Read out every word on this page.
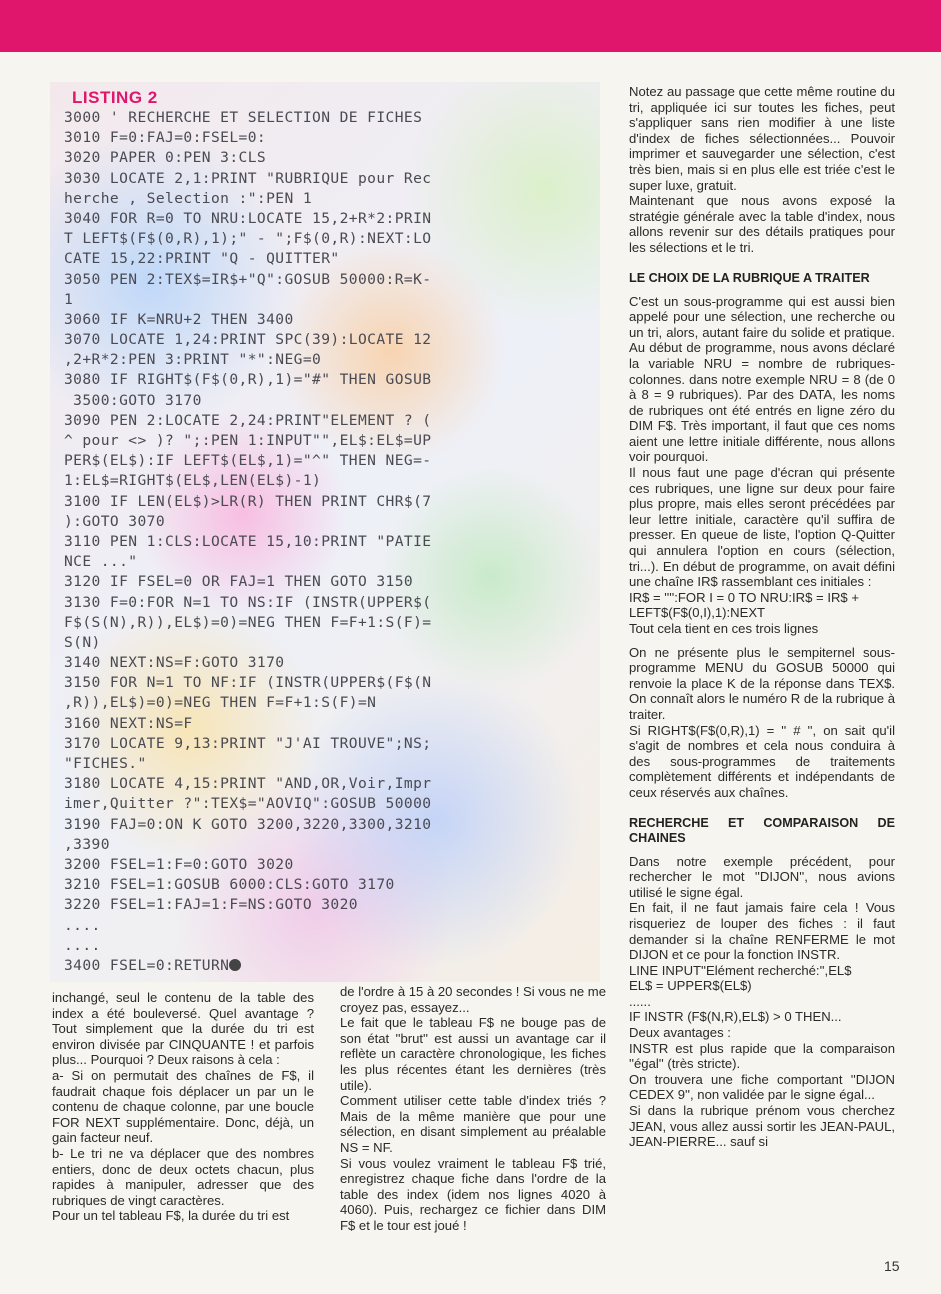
LISTING 2
3000 ' RECHERCHE ET SELECTION DE FICHES
3010 F=0:FAJ=0:FSEL=0:
3020 PAPER 0:PEN 3:CLS
3030 LOCATE 2,1:PRINT "RUBRIQUE pour Rec
herche , Selection :":PEN 1
3040 FOR R=0 TO NRU:LOCATE 15,2+R*2:PRIN
T LEFT$(F$(0,R),1);" - ";F$(0,R):NEXT:LO
CATE 15,22:PRINT "Q - QUITTER"
3050 PEN 2:TEX$=IR$+"Q":GOSUB 50000:R=K-
1
3060 IF K=NRU+2 THEN 3400
3070 LOCATE 1,24:PRINT SPC(39):LOCATE 12
,2+R*2:PEN 3:PRINT "*":NEG=0
3080 IF RIGHT$(F$(0,R),1)="#" THEN GOSUB
3500:GOTO 3170
3090 PEN 2:LOCATE 2,24:PRINT"ELEMENT ? (
^ pour <> )? ";:PEN 1:INPUT"",EL$:EL$=UP
PER$(EL$):IF LEFT$(EL$,1)="^" THEN NEG=-
1:EL$=RIGHT$(EL$,LEN(EL$)-1)
3100 IF LEN(EL$)>LR(R) THEN PRINT CHR$(7
):GOTO 3070
3110 PEN 1:CLS:LOCATE 15,10:PRINT "PATIE
NCE ..."
3120 IF FSEL=0 OR FAJ=1 THEN GOTO 3150
3130 F=0:FOR N=1 TO NS:IF (INSTR(UPPER$(
F$(S(N),R)),EL$)=0)=NEG THEN F=F+1:S(F)=
S(N)
3140 NEXT:NS=F:GOTO 3170
3150 FOR N=1 TO NF:IF (INSTR(UPPER$(F$(N
,R)),EL$)=0)=NEG THEN F=F+1:S(F)=N
3160 NEXT:NS=F
3170 LOCATE 9,13:PRINT "J'AI TROUVE";NS;
"FICHES."
3180 LOCATE 4,15:PRINT "AND,OR,Voir,Impr
imer,Quitter ?":TEX$="AOVIQ":GOSUB 50000
3190 FAJ=0:ON K GOTO 3200,3220,3300,3210
,3390
3200 FSEL=1:F=0:GOTO 3020
3210 FSEL=1:GOSUB 6000:CLS:GOTO 3170
3220 FSEL=1:FAJ=1:F=NS:GOTO 3020
....
....
3400 FSEL=0:RETURN

inchangé, seul le contenu de la table des index a été bouleversé. Quel avantage ? Tout simplement que la durée du tri est environ divisée par CINQUANTE ! et parfois plus... Pourquoi ? Deux raisons à cela :

a- Si on permutait des chaînes de F$, il faudrait chaque fois déplacer un par un le contenu de chaque colonne, par une boucle FOR NEXT supplémentaire. Donc, déjà, un gain facteur neuf.

b- Le tri ne va déplacer que des nombres entiers, donc de deux octets chacun, plus rapides à manipuler, adresser que des rubriques de vingt caractères.

Pour un tel tableau F$, la durée du tri est

de l'ordre à 15 à 20 secondes ! Si vous ne me croyez pas, essayez...

Le fait que le tableau F$ ne bouge pas de son état ''brut'' est aussi un avantage car il reflète un caractère chronologique, les fiches les plus récentes étant les dernières (très utile).

Comment utiliser cette table d'index triés ? Mais de la même manière que pour une sélection, en disant simplement au préalable NS = NF.

Si vous voulez vraiment le tableau F$ trié, enregistrez chaque fiche dans l'ordre de la table des index (idem nos lignes 4020 à 4060). Puis, rechargez ce fichier dans DIM F$ et le tour est joué !

Notez au passage que cette même routine du tri, appliquée ici sur toutes les fiches, peut s'appliquer sans rien modifier à une liste d'index de fiches sélectionnées... Pouvoir imprimer et sauvegarder une sélection, c'est très bien, mais si en plus elle est triée c'est le super luxe, gratuit.

Maintenant que nous avons exposé la stratégie générale avec la table d'index, nous allons revenir sur des détails pratiques pour les sélections et le tri.

LE CHOIX DE LA RUBRIQUE A TRAITER

C'est un sous-programme qui est aussi bien appelé pour une sélection, une recherche ou un tri, alors, autant faire du solide et pratique. Au début de programme, nous avons déclaré la variable NRU = nombre de rubriques-colonnes. dans notre exemple NRU = 8 (de 0 à 8 = 9 rubriques). Par des DATA, les noms de rubriques ont été entrés en ligne zéro du DIM F$. Très important, il faut que ces noms aient une lettre initiale différente, nous allons voir pourquoi.

Il nous faut une page d'écran qui présente ces rubriques, une ligne sur deux pour faire plus propre, mais elles seront précédées par leur lettre initiale, caractère qu'il suffira de presser. En queue de liste, l'option Q-Quitter qui annulera l'option en cours (sélection, tri...). En début de programme, on avait défini une chaîne IR$ rassemblant ces initiales :

IR$ = '''':FOR I = 0 TO NRU:IR$ = IR$ + LEFT$(F$(0,I),1):NEXT

Tout cela tient en ces trois lignes

On ne présente plus le sempiternel sous-programme MENU du GOSUB 50000 qui renvoie la place K de la réponse dans TEX$. On connaît alors le numéro R de la rubrique à traiter.

Si RIGHT$(F$(0,R),1) = '' # '', on sait qu'il s'agit de nombres et cela nous conduira à des sous-programmes de traitements complètement différents et indépendants de ceux réservés aux chaînes.

RECHERCHE ET COMPARAISON DE CHAINES

Dans notre exemple précédent, pour rechercher le mot ''DIJON'', nous avions utilisé le signe égal.

En fait, il ne faut jamais faire cela ! Vous risqueriez de louper des fiches : il faut demander si la chaîne RENFERME le mot DIJON et ce pour la fonction INSTR.

LINE INPUT''Elément recherché:'',EL$

EL$ = UPPER$(EL$)

......

IF INSTR (F$(N,R),EL$) > 0 THEN...

Deux avantages :

INSTR est plus rapide que la comparaison ''égal'' (très stricte).

On trouvera une fiche comportant ''DIJON CEDEX 9'', non validée par le signe égal...

Si dans la rubrique prénom vous cherchez JEAN, vous allez aussi sortir les JEAN-PAUL, JEAN-PIERRE... sauf si

15
